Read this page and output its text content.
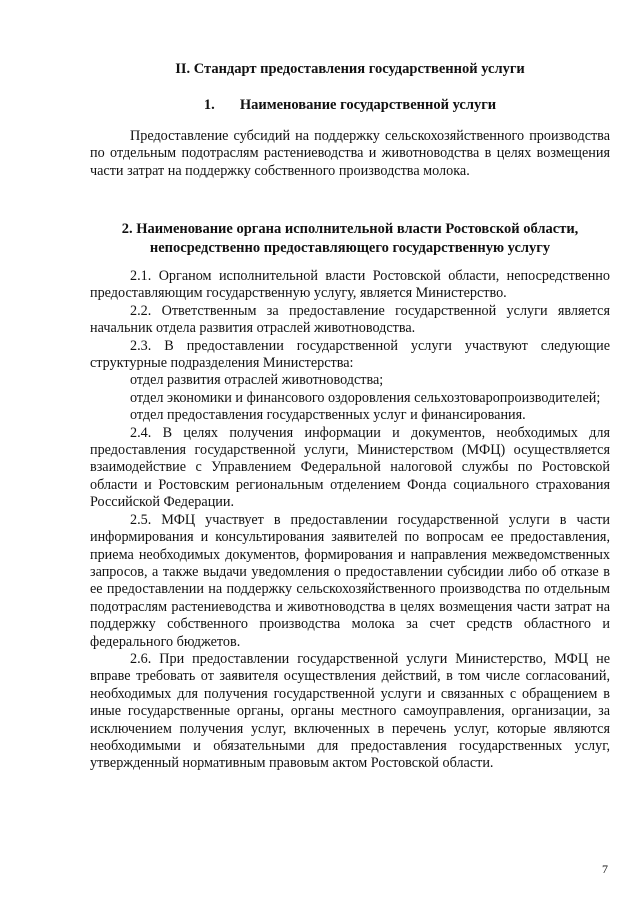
II. Стандарт предоставления государственной услуги
1. Наименование государственной услуги

Предоставление субсидий на поддержку сельскохозяйственного производства по отдельным подотраслям растениеводства и животноводства в целях возмещения части затрат на поддержку собственного производства молока.

2. Наименование органа исполнительной власти Ростовской области,
непосредственно предоставляющего государственную услугу

2.1. Органом исполнительной власти Ростовской области, непосредственно предоставляющим государственную услугу, является Министерство.

2.2. Ответственным за предоставление государственной услуги является начальник отдела развития отраслей животноводства.

2.3. В предоставлении государственной услуги участвуют следующие структурные подразделения Министерства:

отдел развития отраслей животноводства;

отдел экономики и финансового оздоровления сельхозтоваропроизводителей;

отдел предоставления государственных услуг и финансирования.

2.4. В целях получения информации и документов, необходимых для предоставления государственной услуги, Министерством (МФЦ) осуществляется взаимодействие с Управлением Федеральной налоговой службы по Ростовской области и Ростовским региональным отделением Фонда социального страхования Российской Федерации.

2.5. МФЦ участвует в предоставлении государственной услуги в части информирования и консультирования заявителей по вопросам ее предоставления, приема необходимых документов, формирования и направления межведомственных запросов, а также выдачи уведомления о предоставлении субсидии либо об отказе в ее предоставлении на поддержку сельскохозяйственного производства по отдельным подотраслям растениеводства и животноводства в целях возмещения части затрат на поддержку собственного производства молока за счет средств областного и федерального бюджетов.

2.6. При предоставлении государственной услуги Министерство, МФЦ не вправе требовать от заявителя осуществления действий, в том числе согласований, необходимых для получения государственной услуги и связанных с обращением в иные государственные органы, органы местного самоуправления, организации, за исключением получения услуг, включенных в перечень услуг, которые являются необходимыми и обязательными для предоставления государственных услуг, утвержденный нормативным правовым актом Ростовской области.

7
